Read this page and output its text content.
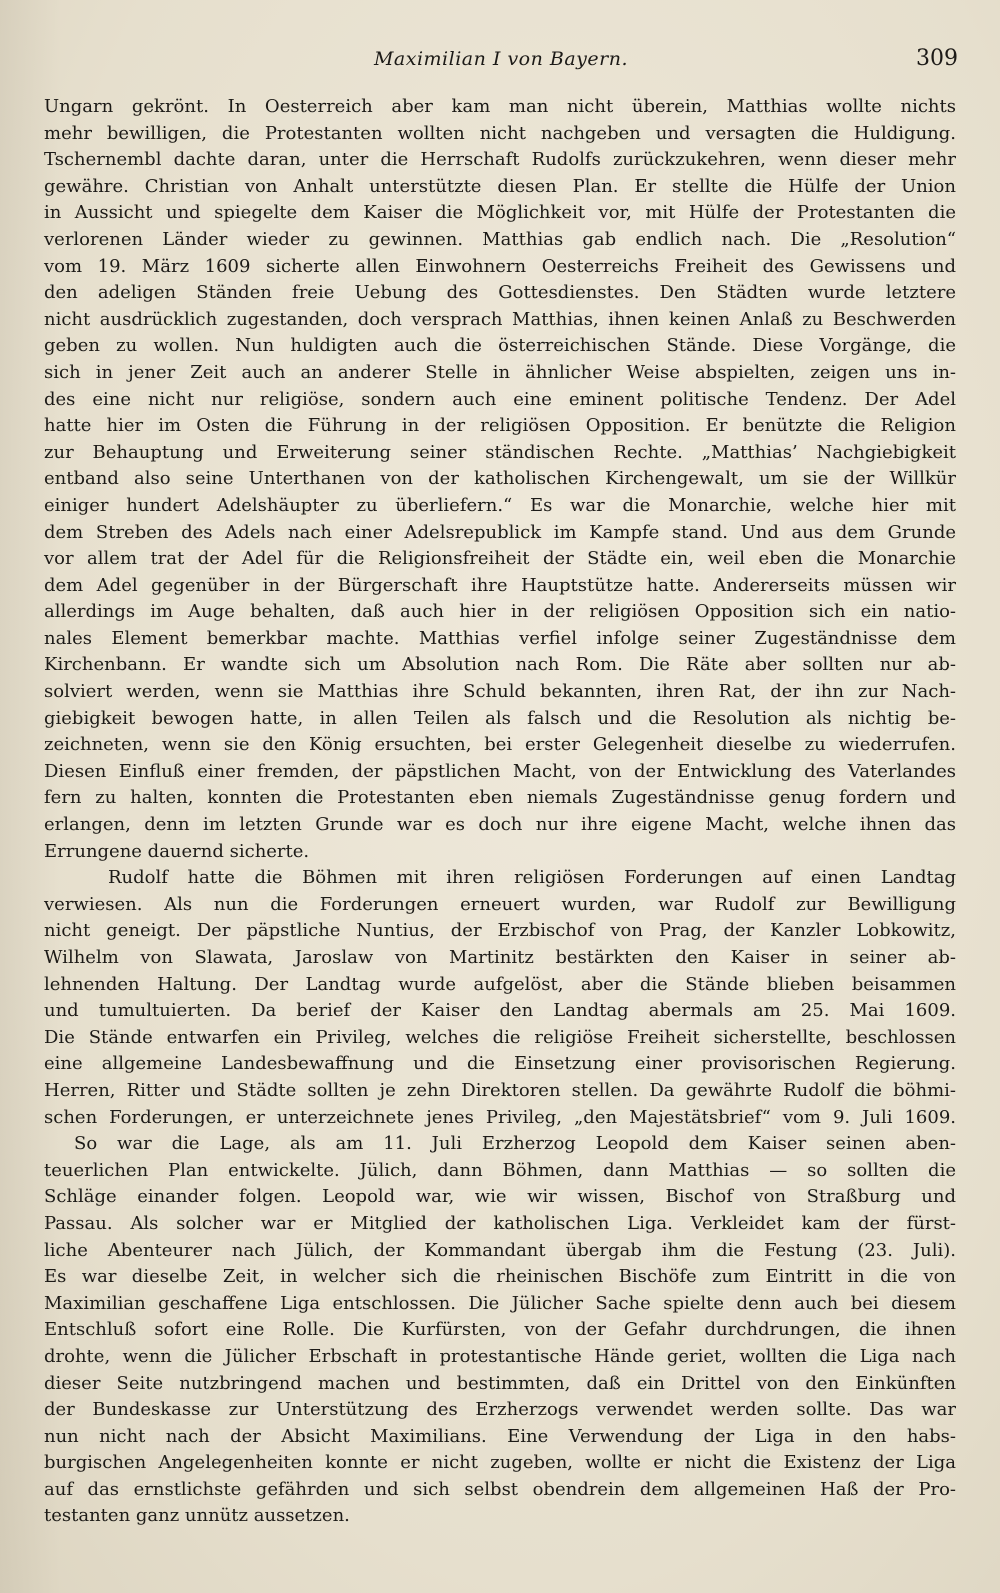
Maximilian I von Bayern.	309
Ungarn gekrönt. In Oesterreich aber kam man nicht überein, Matthias wollte nichts
mehr bewilligen, die Protestanten wollten nicht nachgeben und versagten die Huldigung.
Tschernembl dachte daran, unter die Herrschaft Rudolfs zurückzukehren, wenn dieser mehr
gewähre. Christian von Anhalt unterstützte diesen Plan. Er stellte die Hülfe der Union
in Aussicht und spiegelte dem Kaiser die Möglichkeit vor, mit Hülfe der Protestanten die
verlorenen Länder wieder zu gewinnen. Matthias gab endlich nach. Die „Resolution“
vom 19. März 1609 sicherte allen Einwohnern Oesterreichs Freiheit des Gewissens und
den adeligen Ständen freie Uebung des Gottesdienstes. Den Städten wurde letztere
nicht ausdrücklich zugestanden, doch versprach Matthias, ihnen keinen Anlaß zu Beschwerden
geben zu wollen. Nun huldigten auch die österreichischen Stände. Diese Vorgänge, die
sich in jener Zeit auch an anderer Stelle in ähnlicher Weise abspielten, zeigen uns in-
des eine nicht nur religiöse, sondern auch eine eminent politische Tendenz. Der Adel
hatte hier im Osten die Führung in der religiösen Opposition. Er benützte die Religion
zur Behauptung und Erweiterung seiner ständischen Rechte. „Matthias’ Nachgiebigkeit
entband also seine Unterthanen von der katholischen Kirchengewalt, um sie der Willkür
einiger hundert Adelshäupter zu überliefern.“ Es war die Monarchie, welche hier mit
dem Streben des Adels nach einer Adelsrepublick im Kampfe stand. Und aus dem Grunde
vor allem trat der Adel für die Religionsfreiheit der Städte ein, weil eben die Monarchie
dem Adel gegenüber in der Bürgerschaft ihre Hauptstütze hatte. Andererseits müssen wir
allerdings im Auge behalten, daß auch hier in der religiösen Opposition sich ein natio-
nales Element bemerkbar machte. Matthias verfiel infolge seiner Zugeständnisse dem
Kirchenbann. Er wandte sich um Absolution nach Rom. Die Räte aber sollten nur ab-
solviert werden, wenn sie Matthias ihre Schuld bekannten, ihren Rat, der ihn zur Nach-
giebigkeit bewogen hatte, in allen Teilen als falsch und die Resolution als nichtig be-
zeichneten, wenn sie den König ersuchten, bei erster Gelegenheit dieselbe zu wiederrufen.
Diesen Einfluß einer fremden, der päpstlichen Macht, von der Entwicklung des Vaterlandes
fern zu halten, konnten die Protestanten eben niemals Zugeständnisse genug fordern und
erlangen, denn im letzten Grunde war es doch nur ihre eigene Macht, welche ihnen das
Errungene dauernd sicherte.
Rudolf hatte die Böhmen mit ihren religiösen Forderungen auf einen Landtag
verwiesen. Als nun die Forderungen erneuert wurden, war Rudolf zur Bewilligung
nicht geneigt. Der päpstliche Nuntius, der Erzbischof von Prag, der Kanzler Lobkowitz,
Wilhelm von Slawata, Jaroslaw von Martinitz bestärkten den Kaiser in seiner ab-
lehnenden Haltung. Der Landtag wurde aufgelöst, aber die Stände blieben beisammen
und tumultuierten. Da berief der Kaiser den Landtag abermals am 25. Mai 1609.
Die Stände entwarfen ein Privileg, welches die religiöse Freiheit sicherstellte, beschlossen
eine allgemeine Landesbewaffnung und die Einsetzung einer provisorischen Regierung.
Herren, Ritter und Städte sollten je zehn Direktoren stellen. Da gewährte Rudolf die böhmi-
schen Forderungen, er unterzeichnete jenes Privileg, „den Majestätsbrief“ vom 9. Juli 1609.
So war die Lage, als am 11. Juli Erzherzog Leopold dem Kaiser seinen aben-
teuerlichen Plan entwickelte. Jülich, dann Böhmen, dann Matthias — so sollten die
Schläge einander folgen. Leopold war, wie wir wissen, Bischof von Straßburg und
Passau. Als solcher war er Mitglied der katholischen Liga. Verkleidet kam der fürst-
liche Abenteurer nach Jülich, der Kommandant übergab ihm die Festung (23. Juli).
Es war dieselbe Zeit, in welcher sich die rheinischen Bischöfe zum Eintritt in die von
Maximilian geschaffene Liga entschlossen. Die Jülicher Sache spielte denn auch bei diesem
Entschluß sofort eine Rolle. Die Kurfürsten, von der Gefahr durchdrungen, die ihnen
drohte, wenn die Jülicher Erbschaft in protestantische Hände geriet, wollten die Liga nach
dieser Seite nutzbringend machen und bestimmten, daß ein Drittel von den Einkünften
der Bundeskasse zur Unterstützung des Erzherzogs verwendet werden sollte. Das war
nun nicht nach der Absicht Maximilians. Eine Verwendung der Liga in den habs-
burgischen Angelegenheiten konnte er nicht zugeben, wollte er nicht die Existenz der Liga
auf das ernstlichste gefährden und sich selbst obendrein dem allgemeinen Haß der Pro-
testanten ganz unnütz aussetzen.
